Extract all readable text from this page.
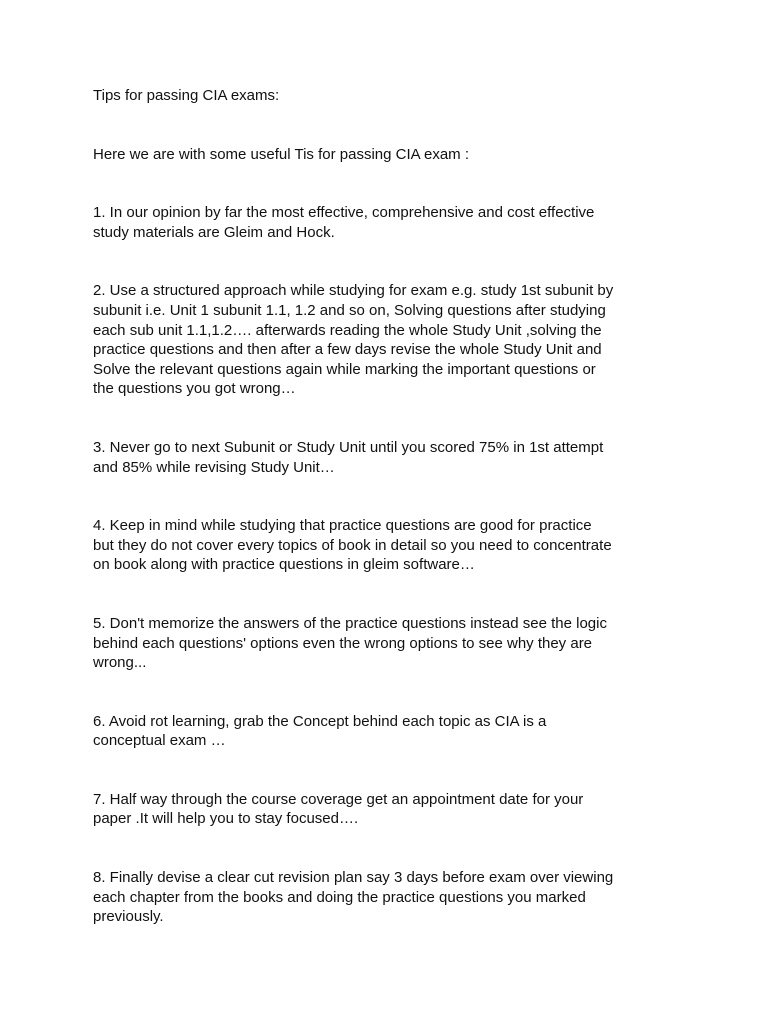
Tips for passing CIA exams:

Here we are with some useful Tis for passing CIA exam :

1. In our opinion by far the most effective, comprehensive and cost effective
study materials are Gleim and Hock.

2. Use a structured approach while studying for exam e.g. study 1st subunit by
subunit i.e. Unit 1 subunit 1.1, 1.2 and so on, Solving questions after studying
each sub unit 1.1,1.2…. afterwards reading the whole Study Unit ,solving the
practice questions and then after a few days revise the whole Study Unit and
Solve the relevant questions again while marking the important questions or
the questions you got wrong…

3. Never go to next Subunit or Study Unit until you scored 75% in 1st attempt
and 85% while revising Study Unit…

4. Keep in mind while studying that practice questions are good for practice
but they do not cover every topics of book in detail so you need to concentrate
on book along with practice questions in gleim software…

5. Don't memorize the answers of the practice questions instead see the logic
behind each questions' options even the wrong options to see why they are
wrong...

6. Avoid rot learning, grab the Concept behind each topic as CIA is a
conceptual exam …

7. Half way through the course coverage get an appointment date for your
paper .It will help you to stay focused….

8. Finally devise a clear cut revision plan say 3 days before exam over viewing
each chapter from the books and doing the practice questions you marked
previously.
